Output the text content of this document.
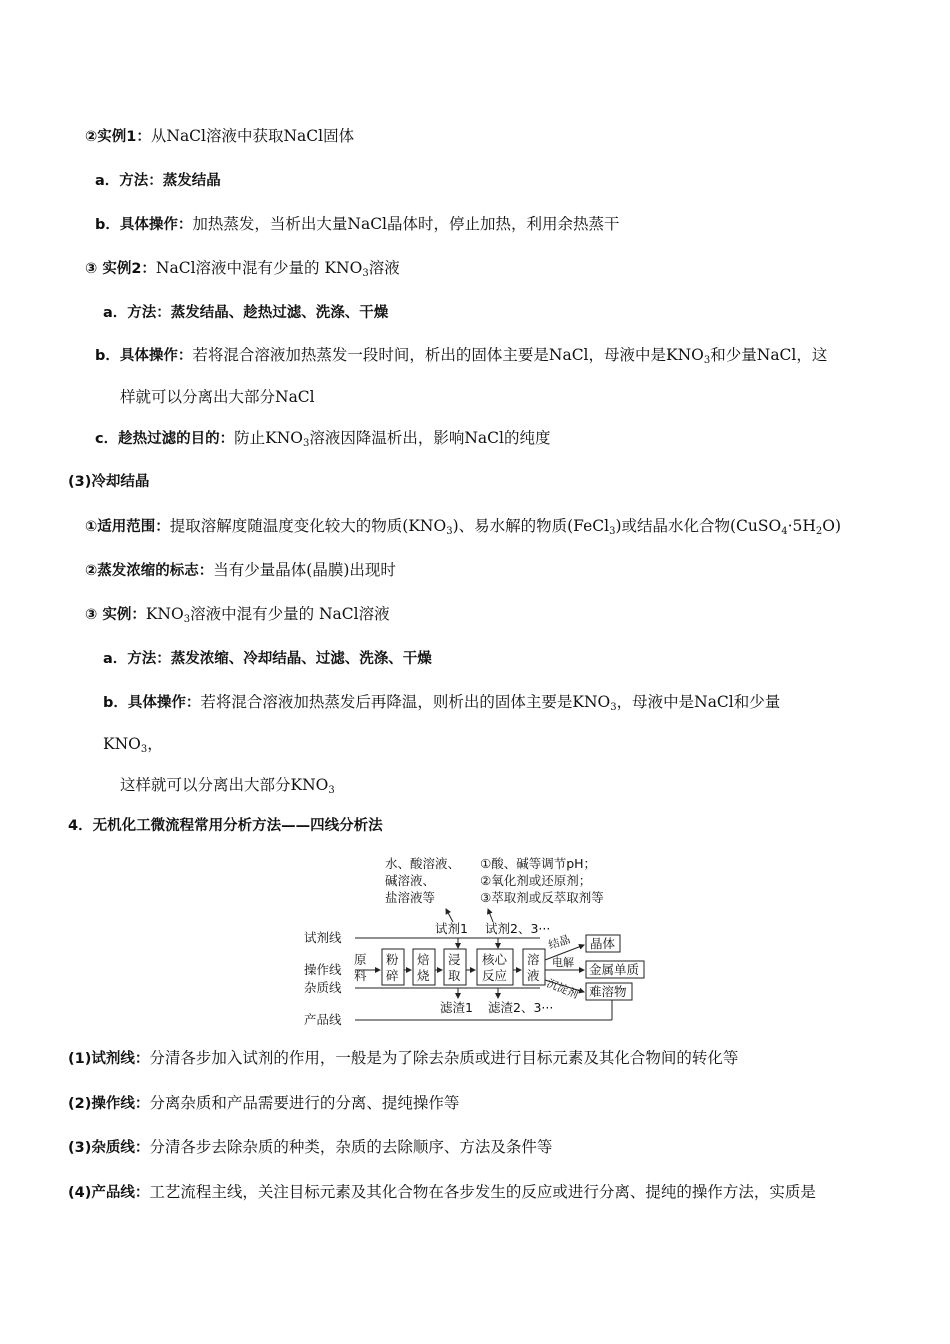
②实例1：从NaCl溶液中获取NaCl固体
a．方法：蒸发结晶
b．具体操作：加热蒸发，当析出大量NaCl晶体时，停止加热，利用余热蒸干
③ 实例2：NaCl溶液中混有少量的 $KNO_3$溶液
a．方法：蒸发结晶、趁热过滤、洗涤、干燥
b．具体操作：若将混合溶液加热蒸发一段时间，析出的固体主要是NaCl，母液中是$KNO_3$和少量NaCl，这
样就可以分离出大部分NaCl
c．趁热过滤的目的：防止$KNO_3$溶液因降温析出，影响NaCl的纯度
(3)冷却结晶
①适用范围：提取溶解度随温度变化较大的物质$(KNO_3)$、易水解的物质(FeCl$_3$)或结晶水化合物$(CuSO_4\cdot 5H_2O)$
②蒸发浓缩的标志：当有少量晶体(晶膜)出现时
③ 实例：$KNO_3$溶液中混有少量的 NaCl溶液
a．方法：蒸发浓缩、冷却结晶、过滤、洗涤、干燥
b．具体操作：若将混合溶液加热蒸发后再降温，则析出的固体主要是$KNO_3$，母液中是NaCl和少量
$KNO_3$，
这样就可以分离出大部分$KNO_3$
4．无机化工微流程常用分析方法——四线分析法
水、酸溶液、
碱溶液、
盐溶液等
①酸、碱等调节pH；
②氧化剂或还原剂；
③萃取剂或反萃取剂等
试剂1 试剂2、3···
试剂线
操作线
杂质线
产品线
原
料
粉
碎
焙
烧
浸
取
核心
反应
溶
液
滤渣1 滤渣2、3···
结晶
电解
沉淀剂
晶体
金属单质
难溶物
(1)试剂线：分清各步加入试剂的作用，一般是为了除去杂质或进行目标元素及其化合物间的转化等
(2)操作线：分离杂质和产品需要进行的分离、提纯操作等
(3)杂质线：分清各步去除杂质的种类，杂质的去除顺序、方法及条件等
(4)产品线：工艺流程主线，关注目标元素及其化合物在各步发生的反应或进行分离、提纯的操作方法，实质是
